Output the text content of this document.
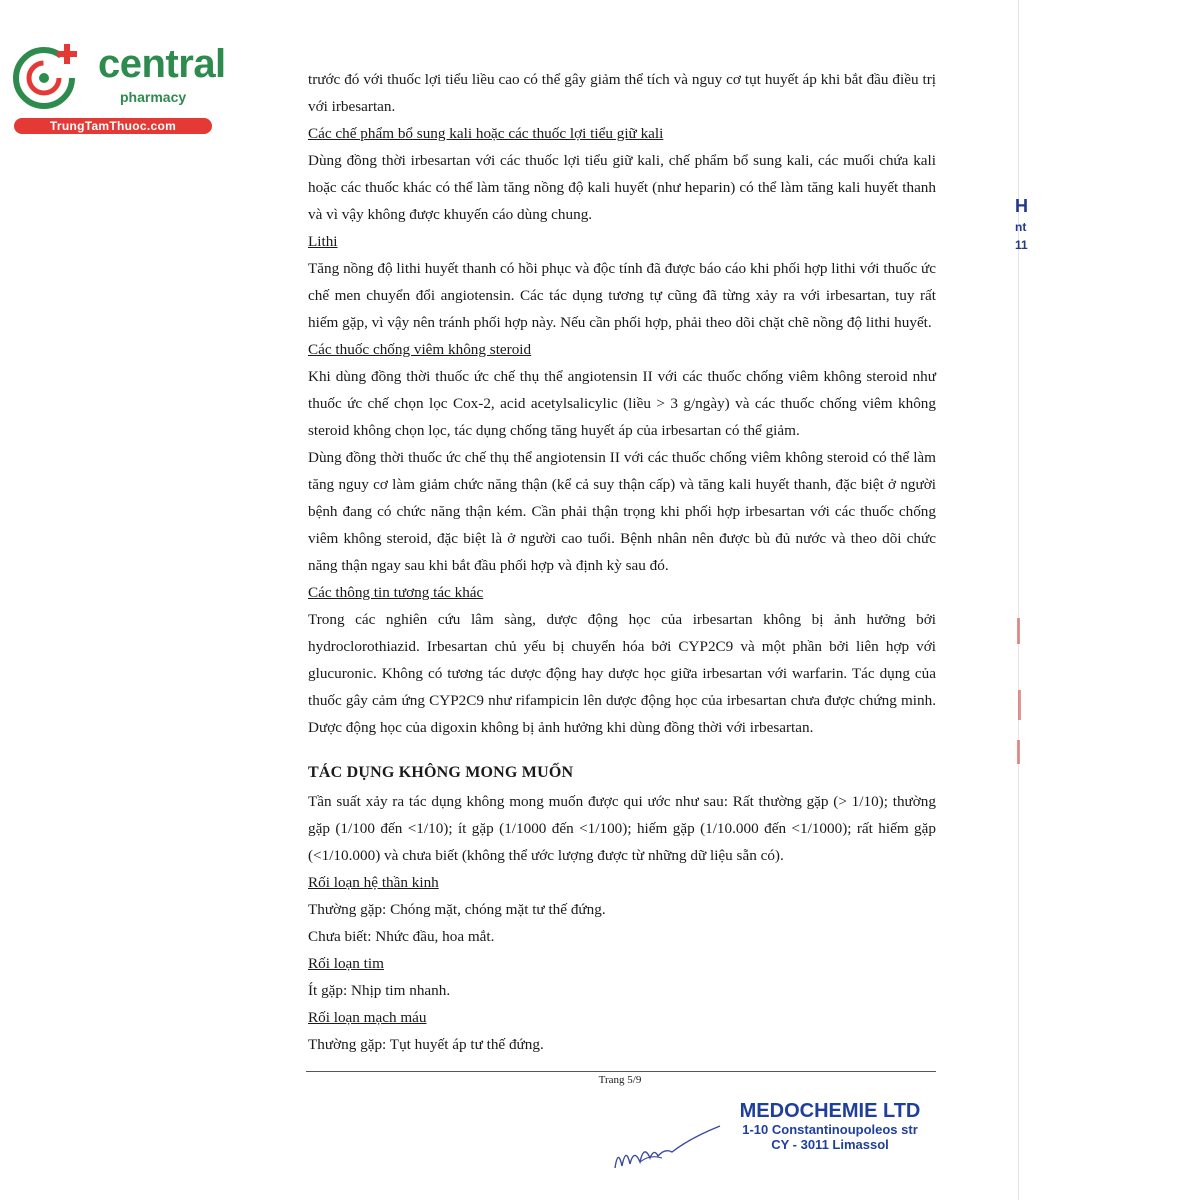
H
nt
11
central
pharmacy
TrungTamThuoc.com

trước đó với thuốc lợi tiểu liều cao có thể gây giảm thể tích và nguy cơ tụt huyết áp khi bắt đầu điều trị với irbesartan.

Các chế phẩm bổ sung kali hoặc các thuốc lợi tiểu giữ kali

Dùng đồng thời irbesartan với các thuốc lợi tiểu giữ kali, chế phẩm bổ sung kali, các muối chứa kali hoặc các thuốc khác có thể làm tăng nồng độ kali huyết (như heparin) có thể làm tăng kali huyết thanh và vì vậy không được khuyến cáo dùng chung.

Lithi

Tăng nồng độ lithi huyết thanh có hồi phục và độc tính đã được báo cáo khi phối hợp lithi với thuốc ức chế men chuyển đổi angiotensin. Các tác dụng tương tự cũng đã từng xảy ra với irbesartan, tuy rất hiếm gặp, vì vậy nên tránh phối hợp này. Nếu cần phối hợp, phải theo dõi chặt chẽ nồng độ lithi huyết.

Các thuốc chống viêm không steroid

Khi dùng đồng thời thuốc ức chế thụ thể angiotensin II với các thuốc chống viêm không steroid như thuốc ức chế chọn lọc Cox-2, acid acetylsalicylic (liều > 3 g/ngày) và các thuốc chống viêm không steroid không chọn lọc, tác dụng chống tăng huyết áp của irbesartan có thể giảm.

Dùng đồng thời thuốc ức chế thụ thể angiotensin II với các thuốc chống viêm không steroid có thể làm tăng nguy cơ làm giảm chức năng thận (kể cả suy thận cấp) và tăng kali huyết thanh, đặc biệt ở người bệnh đang có chức năng thận kém. Cần phải thận trọng khi phối hợp irbesartan với các thuốc chống viêm không steroid, đặc biệt là ở người cao tuổi. Bệnh nhân nên được bù đủ nước và theo dõi chức năng thận ngay sau khi bắt đầu phối hợp và định kỳ sau đó.

Các thông tin tương tác khác

Trong các nghiên cứu lâm sàng, dược động học của irbesartan không bị ảnh hưởng bởi hydroclorothiazid. Irbesartan chủ yếu bị chuyển hóa bởi CYP2C9 và một phần bởi liên hợp với glucuronic. Không có tương tác dược động hay dược học giữa irbesartan với warfarin. Tác dụng của thuốc gây cảm ứng CYP2C9 như rifampicin lên dược động học của irbesartan chưa được chứng minh. Dược động học của digoxin không bị ảnh hưởng khi dùng đồng thời với irbesartan.

TÁC DỤNG KHÔNG MONG MUỐN

Tần suất xảy ra tác dụng không mong muốn được qui ước như sau: Rất thường gặp (> 1/10); thường gặp (1/100 đến <1/10); ít gặp (1/1000 đến <1/100); hiếm gặp (1/10.000 đến <1/1000); rất hiếm gặp (<1/10.000) và chưa biết (không thể ước lượng được từ những dữ liệu sẵn có).

Rối loạn hệ thần kinh

Thường gặp: Chóng mặt, chóng mặt tư thế đứng.

Chưa biết: Nhức đầu, hoa mắt.

Rối loạn tim

Ít gặp: Nhịp tim nhanh.

Rối loạn mạch máu

Thường gặp: Tụt huyết áp tư thế đứng.

Trang 5/9
MEDOCHEMIE LTD
1-10 Constantinoupoleos str
CY - 3011 Limassol
